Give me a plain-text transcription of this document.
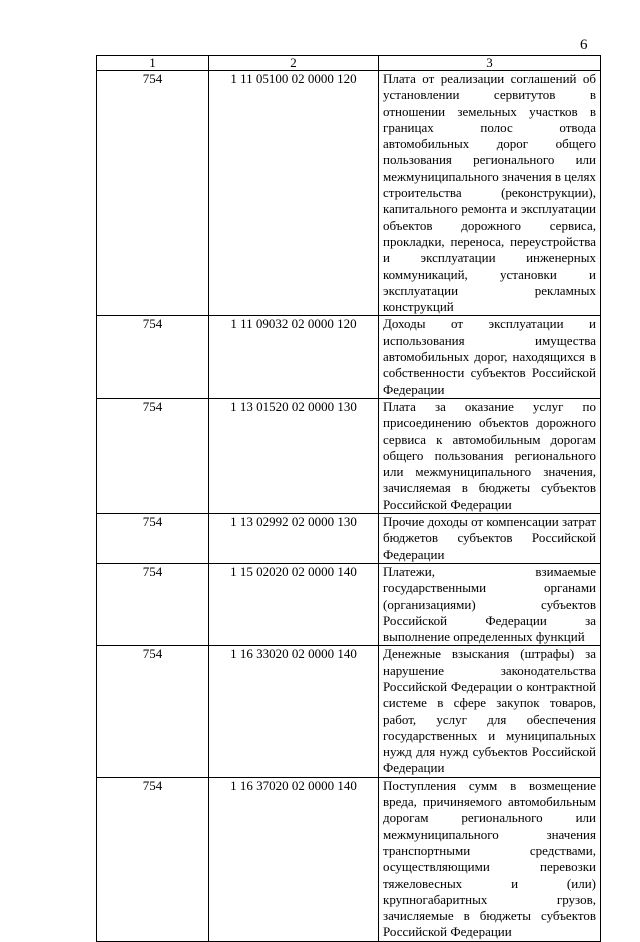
6
1	2	3
754	1 11 05100 02 0000 120	Плата от реализации соглашений об установлении сервитутов в отношении земельных участков в границах полос отвода автомобильных дорог общего пользования регионального или межмуниципального значения в целях строительства (реконструкции), капитального ремонта и эксплуатации объектов дорожного сервиса, прокладки, переноса, переустройства и эксплуатации инженерных коммуникаций, установки и эксплуатации рекламных конструкций
754	1 11 09032 02 0000 120	Доходы от эксплуатации и использования имущества автомобильных дорог, находящихся в собственности субъектов Российской Федерации
754	1 13 01520 02 0000 130	Плата за оказание услуг по присоединению объектов дорожного сервиса к автомобильным дорогам общего пользования регионального или межмуниципального значения, зачисляемая в бюджеты субъектов Российской Федерации
754	1 13 02992 02 0000 130	Прочие доходы от компенсации затрат бюджетов субъектов Российской Федерации
754	1 15 02020 02 0000 140	Платежи, взимаемые государственными органами (организациями) субъектов Российской Федерации за выполнение определенных функций
754	1 16 33020 02 0000 140	Денежные взыскания (штрафы) за нарушение законодательства Российской Федерации о контрактной системе в сфере закупок товаров, работ, услуг для обеспечения государственных и муниципальных нужд для нужд субъектов Российской Федерации
754	1 16 37020 02 0000 140	Поступления сумм в возмещение вреда, причиняемого автомобильным дорогам регионального или межмуниципального значения транспортными средствами, осуществляющими перевозки тяжеловесных и (или) крупногабаритных грузов, зачисляемые в бюджеты субъектов Российской Федерации
